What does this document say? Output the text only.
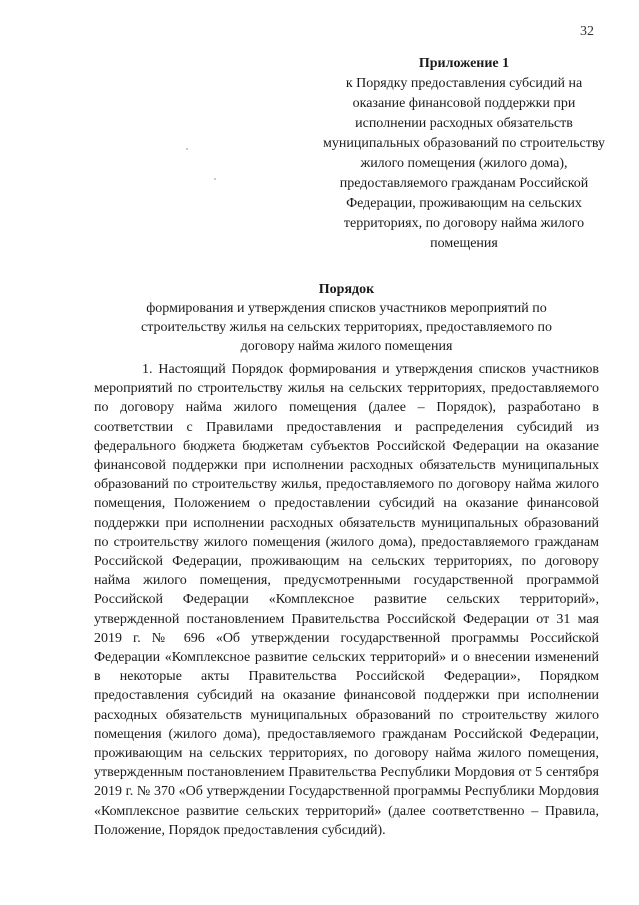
32

Приложение 1

к Порядку предоставления субсидий на оказание финансовой поддержки при исполнении расходных обязательств муниципальных образований по строительству жилого помещения (жилого дома), предоставляемого гражданам Российской Федерации, проживающим на сельских территориях, по договору найма жилого помещения

Порядок

формирования и утверждения списков участников мероприятий по строительству жилья на сельских территориях, предоставляемого по договору найма жилого помещения

1. Настоящий Порядок формирования и утверждения списков участников мероприятий по строительству жилья на сельских территориях, предоставляемого по договору найма жилого помещения (далее – Порядок), разработано в соответствии с Правилами предоставления и распределения субсидий из федерального бюджета бюджетам субъектов Российской Федерации на оказание финансовой поддержки при исполнении расходных обязательств муниципальных образований по строительству жилья, предоставляемого по договору найма жилого помещения, Положением о предоставлении субсидий на оказание финансовой поддержки при исполнении расходных обязательств муниципальных образований по строительству жилого помещения (жилого дома), предоставляемого гражданам Российской Федерации, проживающим на сельских территориях, по договору найма жилого помещения, предусмотренными государственной программой Российской Федерации «Комплексное развитие сельских территорий», утвержденной постановлением Правительства Российской Федерации от 31 мая 2019 г. № 696 «Об утверждении государственной программы Российской Федерации «Комплексное развитие сельских территорий» и о внесении изменений в некоторые акты Правительства Российской Федерации», Порядком предоставления субсидий на оказание финансовой поддержки при исполнении расходных обязательств муниципальных образований по строительству жилого помещения (жилого дома), предоставляемого гражданам Российской Федерации, проживающим на сельских территориях, по договору найма жилого помещения, утвержденным постановлением Правительства Республики Мордовия от 5 сентября 2019 г. № 370 «Об утверждении Государственной программы Республики Мордовия «Комплексное развитие сельских территорий» (далее соответственно – Правила, Положение, Порядок предоставления субсидий).
